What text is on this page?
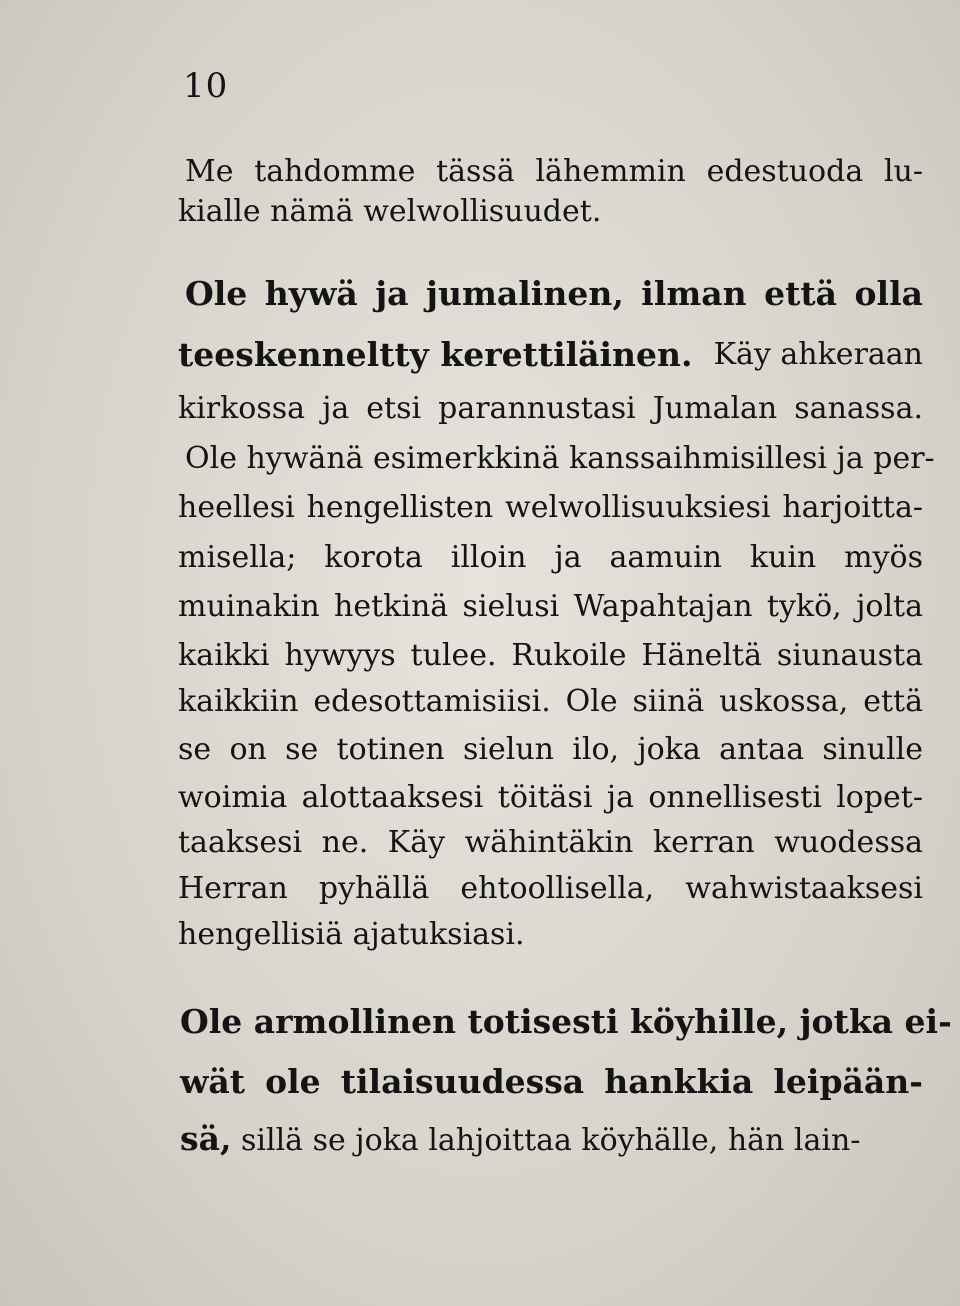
10
Me tahdomme tässä lähemmin edestuoda lu-
kialle nämä welwollisuudet.
Ole hywä ja jumalinen, ilman että olla
teeskenneltty kerettiläinen. Käy ahkeraan
kirkossa ja etsi parannustasi Jumalan sanassa.
Ole hywänä esimerkkinä kanssaihmisillesi ja per-
heellesi hengellisten welwollisuuksiesi harjoitta-
misella; korota illoin ja aamuin kuin myös
muinakin hetkinä sielusi Wapahtajan tykö, jolta
kaikki hywyys tulee. Rukoile Häneltä siunausta
kaikkiin edesottamisiisi. Ole siinä uskossa, että
se on se totinen sielun ilo, joka antaa sinulle
woimia alottaaksesi töitäsi ja onnellisesti lopet-
taaksesi ne. Käy wähintäkin kerran wuodessa
Herran pyhällä ehtoollisella, wahwistaaksesi
hengellisiä ajatuksiasi.
Ole armollinen totisesti köyhille, jotka ei-
wät ole tilaisuudessa hankkia leipään-
sä, sillä se joka lahjoittaa köyhälle, hän lain-
